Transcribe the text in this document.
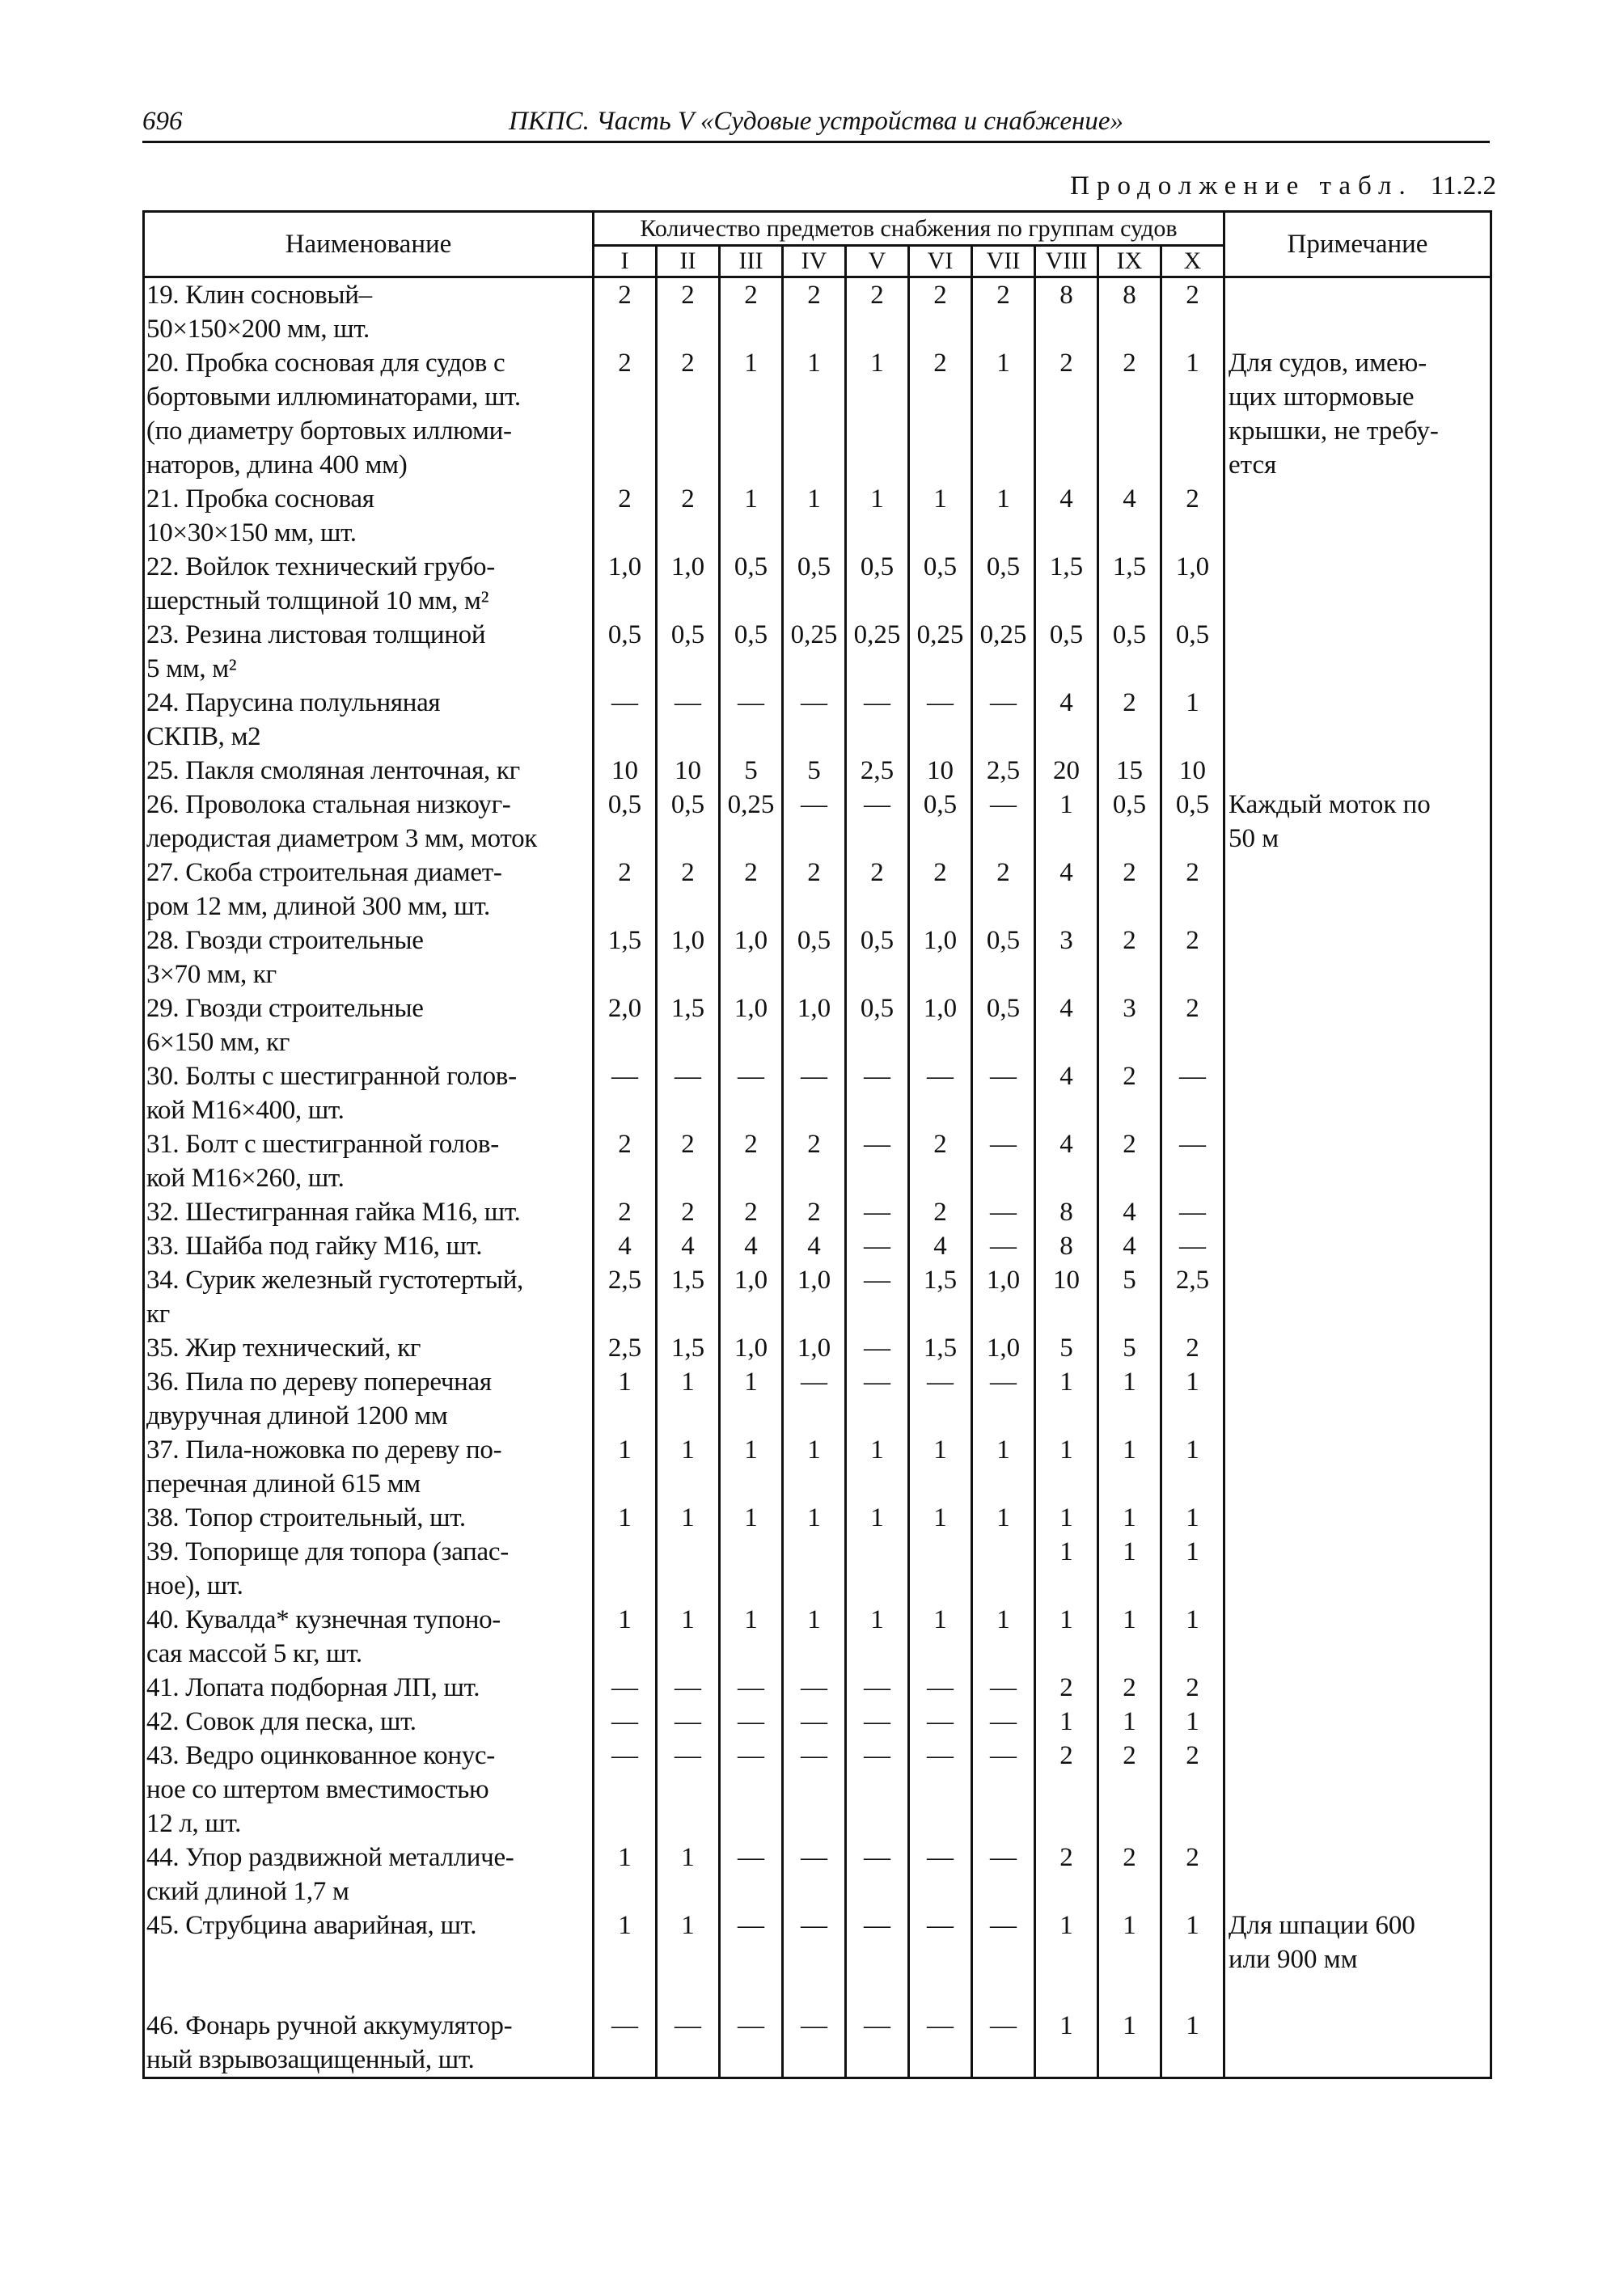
696	ПКПС. Часть V «Судовые устройства и снабжение»
Продолжение табл. 11.2.2
Наименование	Количество предметов снабжения по группам судов										Примечание
	I	II	III	IV	V	VI	VII	VIII	IX	X	
19. Клин сосновый–
50×150×200 мм, шт.	2	2	2	2	2	2	2	8	8	2	
20. Пробка сосновая для судов с
бортовыми иллюминаторами, шт.
(по диаметру бортовых иллюми-
наторов, длина 400 мм)	2	2	1	1	1	2	1	2	2	1	Для судов, имею-
щих штормовые
крышки, не требу-
ется
21. Пробка сосновая
10×30×150 мм, шт.	2	2	1	1	1	1	1	4	4	2	
22. Войлок технический грубо-
шерстный толщиной 10 мм, м²	1,0	1,0	0,5	0,5	0,5	0,5	0,5	1,5	1,5	1,0	
23. Резина листовая толщиной
5 мм, м²	0,5	0,5	0,5	0,25	0,25	0,25	0,25	0,5	0,5	0,5	
24. Парусина полульняная
СКПВ, м2	—	—	—	—	—	—	—	4	2	1	
25. Пакля смоляная ленточная, кг	10	10	5	5	2,5	10	2,5	20	15	10	
26. Проволока стальная низкоуг-
леродистая диаметром 3 мм, моток	0,5	0,5	0,25	—	—	0,5	—	1	0,5	0,5	Каждый моток по
50 м
27. Скоба строительная диамет-
ром 12 мм, длиной 300 мм, шт.	2	2	2	2	2	2	2	4	2	2	
28. Гвозди строительные
3×70 мм, кг	1,5	1,0	1,0	0,5	0,5	1,0	0,5	3	2	2	
29. Гвозди строительные
6×150 мм, кг	2,0	1,5	1,0	1,0	0,5	1,0	0,5	4	3	2	
30. Болты с шестигранной голов-
кой М16×400, шт.	—	—	—	—	—	—	—	4	2	—	
31. Болт с шестигранной голов-
кой М16×260, шт.	2	2	2	2	—	2	—	4	2	—	
32. Шестигранная гайка М16, шт.	2	2	2	2	—	2	—	8	4	—	
33. Шайба под гайку М16, шт.	4	4	4	4	—	4	—	8	4	—	
34. Сурик железный густотертый,
кг	2,5	1,5	1,0	1,0	—	1,5	1,0	10	5	2,5	
35. Жир технический, кг	2,5	1,5	1,0	1,0	—	1,5	1,0	5	5	2	
36. Пила по дереву поперечная
двуручная длиной 1200 мм	1	1	1	—	—	—	—	1	1	1	
37. Пила-ножовка по дереву по-
перечная длиной 615 мм	1	1	1	1	1	1	1	1	1	1	
38. Топор строительный, шт.	1	1	1	1	1	1	1	1	1	1	
39. Топорище для топора (запас-
ное), шт.								1	1	1	
40. Кувалда* кузнечная тупоно-
сая массой 5 кг, шт.	1	1	1	1	1	1	1	1	1	1	
41. Лопата подборная ЛП, шт.	—	—	—	—	—	—	—	2	2	2	
42. Совок для песка, шт.	—	—	—	—	—	—	—	1	1	1	
43. Ведро оцинкованное конус-
ное со штертом вместимостью
12 л, шт.	—	—	—	—	—	—	—	2	2	2	
44. Упор раздвижной металличе-
ский длиной 1,7 м	1	1	—	—	—	—	—	2	2	2	
45. Струбцина аварийная, шт.	1	1	—	—	—	—	—	1	1	1	Для шпации 600
или 900 мм

46. Фонарь ручной аккумулятор-
ный взрывозащищенный, шт.	—	—	—	—	—	—	—	1	1	1	
